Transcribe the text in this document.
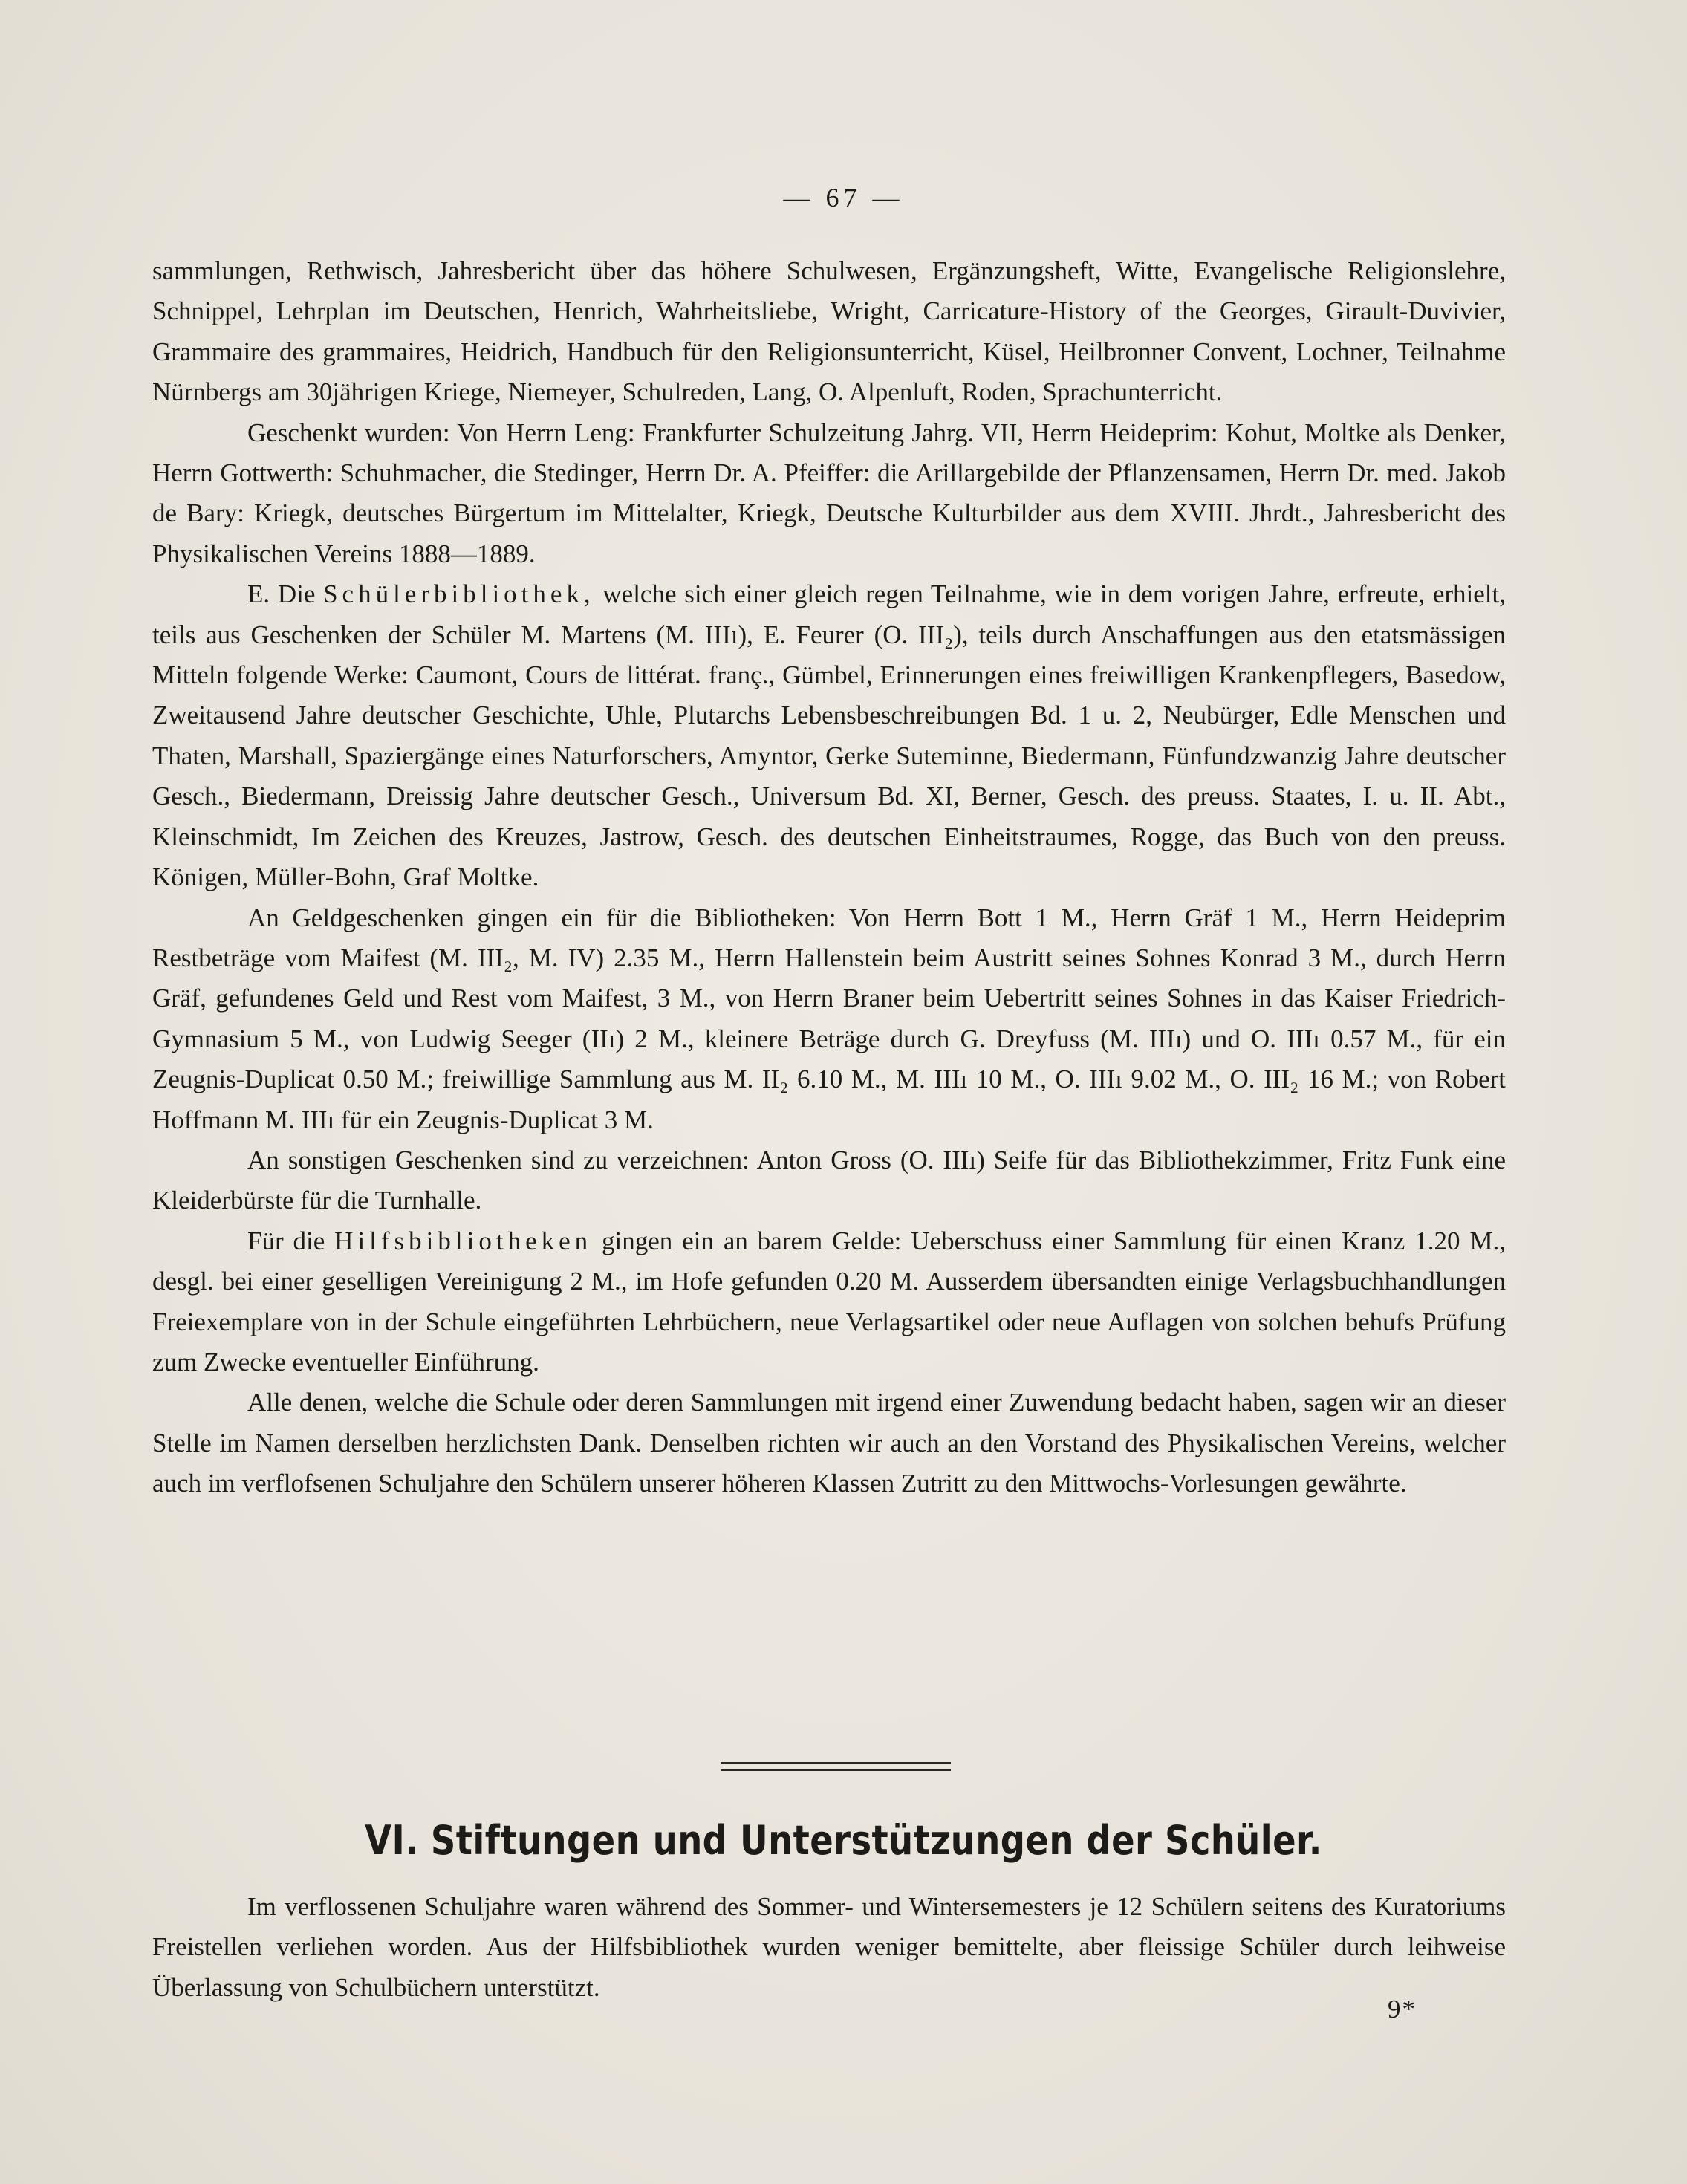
— 67 —

sammlungen, Rethwisch, Jahresbericht über das höhere Schulwesen, Ergänzungsheft, Witte, Evangelische Religionslehre, Schnippel, Lehrplan im Deutschen, Henrich, Wahrheitsliebe, Wright, Carricature-History of the Georges, Girault-Duvivier, Grammaire des grammaires, Heidrich, Handbuch für den Religionsunterricht, Küsel, Heilbronner Convent, Lochner, Teilnahme Nürnbergs am 30jährigen Kriege, Niemeyer, Schulreden, Lang, O. Alpenluft, Roden, Sprachunterricht.

Geschenkt wurden: Von Herrn Leng: Frankfurter Schulzeitung Jahrg. VII, Herrn Heideprim: Kohut, Moltke als Denker, Herrn Gottwerth: Schuhmacher, die Stedinger, Herrn Dr. A. Pfeiffer: die Arillargebilde der Pflanzensamen, Herrn Dr. med. Jakob de Bary: Kriegk, deutsches Bürgertum im Mittelalter, Kriegk, Deutsche Kulturbilder aus dem XVIII. Jhrdt., Jahresbericht des Physikalischen Vereins 1888—1889.

E. Die Schülerbibliothek, welche sich einer gleich regen Teilnahme, wie in dem vorigen Jahre, erfreute, erhielt, teils aus Geschenken der Schüler M. Martens (M. IIIı), E. Feurer (O. III₂), teils durch Anschaffungen aus den etatsmässigen Mitteln folgende Werke: Caumont, Cours de littérat. franç., Gümbel, Erinnerungen eines freiwilligen Krankenpflegers, Basedow, Zweitausend Jahre deutscher Geschichte, Uhle, Plutarchs Lebensbeschreibungen Bd. 1 u. 2, Neubürger, Edle Menschen und Thaten, Marshall, Spaziergänge eines Naturforschers, Amyntor, Gerke Suteminne, Biedermann, Fünfundzwanzig Jahre deutscher Gesch., Biedermann, Dreissig Jahre deutscher Gesch., Universum Bd. XI, Berner, Gesch. des preuss. Staates, I. u. II. Abt., Kleinschmidt, Im Zeichen des Kreuzes, Jastrow, Gesch. des deutschen Einheitstraumes, Rogge, das Buch von den preuss. Königen, Müller-Bohn, Graf Moltke.

An Geldgeschenken gingen ein für die Bibliotheken: Von Herrn Bott 1 M., Herrn Gräf 1 M., Herrn Heideprim Restbeträge vom Maifest (M. III₂, M. IV) 2.35 M., Herrn Hallenstein beim Austritt seines Sohnes Konrad 3 M., durch Herrn Gräf, gefundenes Geld und Rest vom Maifest, 3 M., von Herrn Braner beim Uebertritt seines Sohnes in das Kaiser Friedrich-Gymnasium 5 M., von Ludwig Seeger (IIı) 2 M., kleinere Beträge durch G. Dreyfuss (M. IIIı) und O. IIIı 0.57 M., für ein Zeugnis-Duplicat 0.50 M.; freiwillige Sammlung aus M. II₂ 6.10 M., M. IIIı 10 M., O. IIIı 9.02 M., O. III₂ 16 M.; von Robert Hoffmann M. IIIı für ein Zeugnis-Duplicat 3 M.

An sonstigen Geschenken sind zu verzeichnen: Anton Gross (O. IIIı) Seife für das Bibliothekzimmer, Fritz Funk eine Kleiderbürste für die Turnhalle.

Für die Hilfsbibliotheken gingen ein an barem Gelde: Ueberschuss einer Sammlung für einen Kranz 1.20 M., desgl. bei einer geselligen Vereinigung 2 M., im Hofe gefunden 0.20 M. Ausserdem übersandten einige Verlagsbuchhandlungen Freiexemplare von in der Schule eingeführten Lehrbüchern, neue Verlagsartikel oder neue Auflagen von solchen behufs Prüfung zum Zwecke eventueller Einführung.

Alle denen, welche die Schule oder deren Sammlungen mit irgend einer Zuwendung bedacht haben, sagen wir an dieser Stelle im Namen derselben herzlichsten Dank. Denselben richten wir auch an den Vorstand des Physikalischen Vereins, welcher auch im verflofsenen Schuljahre den Schülern unserer höheren Klassen Zutritt zu den Mittwochs-Vorlesungen gewährte.

VI. Stiftungen und Unterstützungen der Schüler.

Im verflossenen Schuljahre waren während des Sommer- und Wintersemesters je 12 Schülern seitens des Kuratoriums Freistellen verliehen worden. Aus der Hilfsbibliothek wurden weniger bemittelte, aber fleissige Schüler durch leihweise Überlassung von Schulbüchern unterstützt.

9*
